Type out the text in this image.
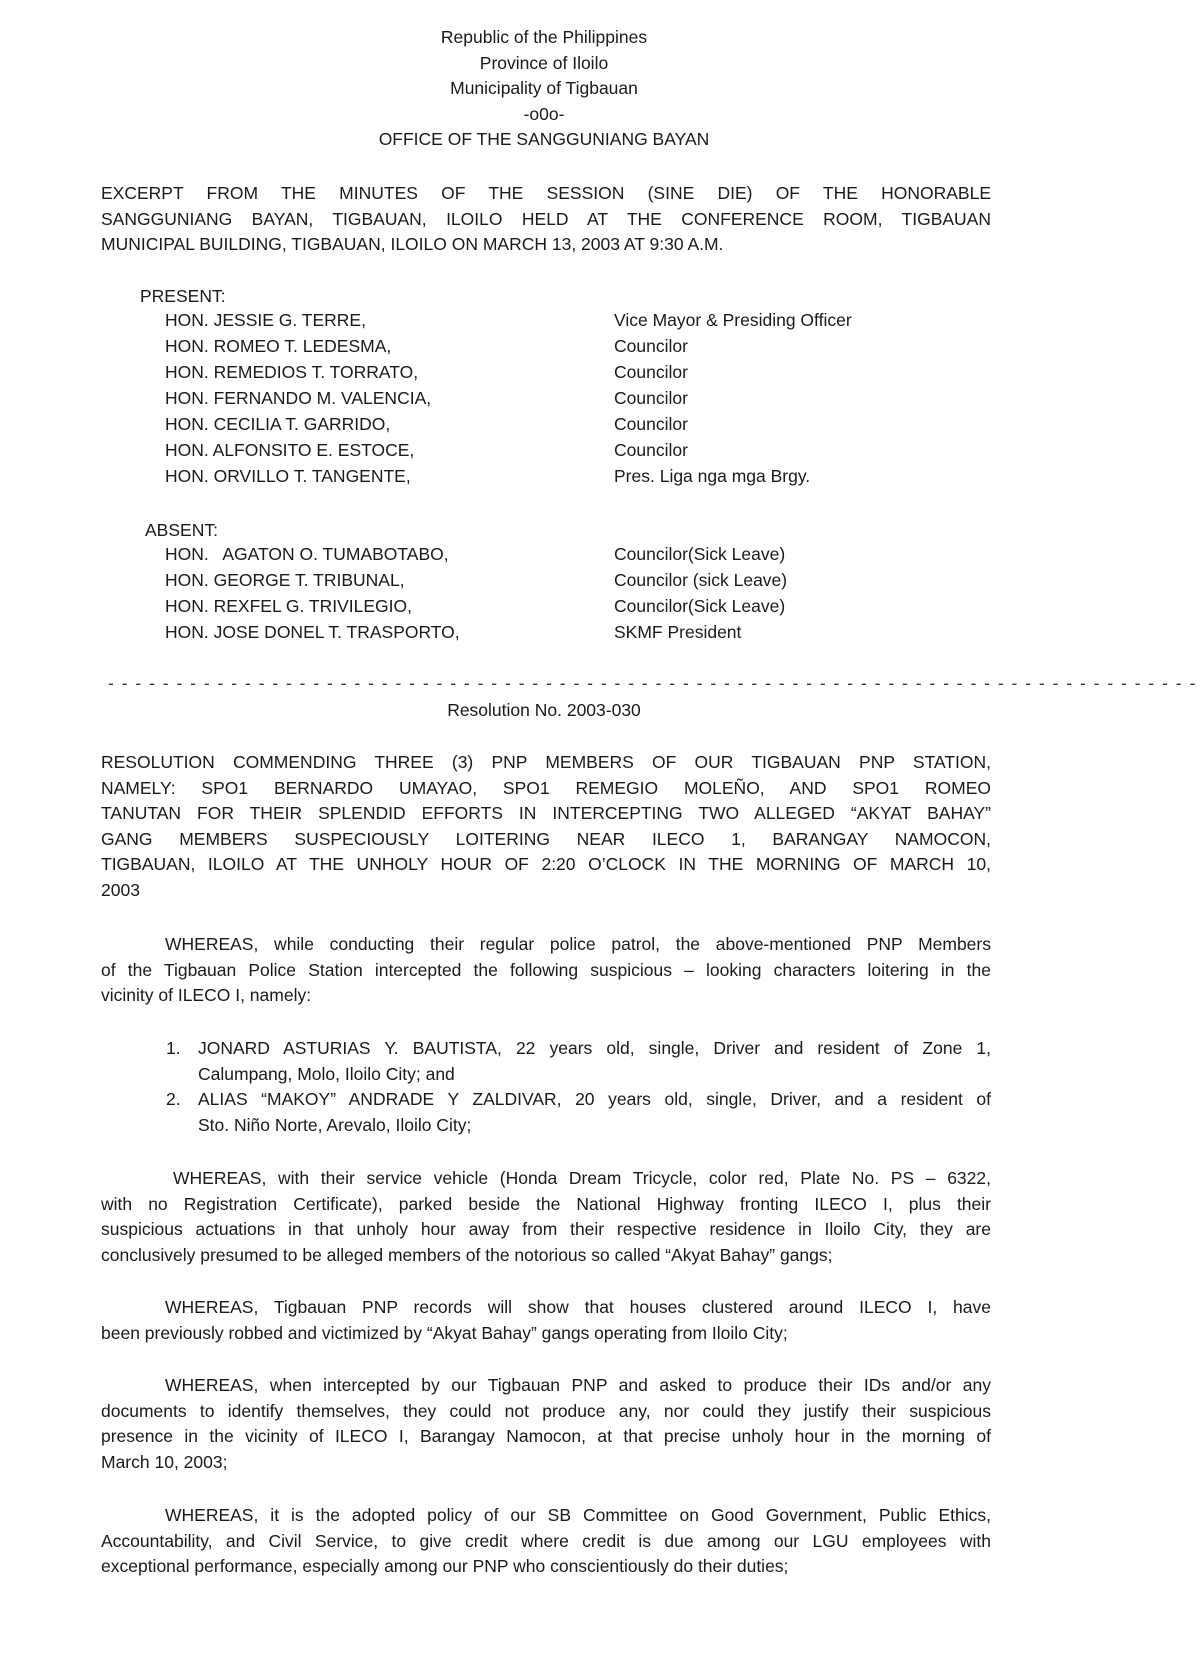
Republic of the Philippines
Province of Iloilo
Municipality of Tigbauan
-o0o-
OFFICE OF THE SANGGUNIANG BAYAN
EXCERPT FROM THE MINUTES OF THE SESSION (SINE DIE) OF THE HONORABLE
SANGGUNIANG BAYAN, TIGBAUAN, ILOILO HELD AT THE CONFERENCE ROOM, TIGBAUAN
MUNICIPAL BUILDING, TIGBAUAN, ILOILO ON MARCH 13, 2003 AT 9:30 A.M.
PRESENT:
HON. JESSIE G. TERRE,	Vice Mayor & Presiding Officer
HON. ROMEO T. LEDESMA,	Councilor
HON. REMEDIOS T. TORRATO,	Councilor
HON. FERNANDO M. VALENCIA,	Councilor
HON. CECILIA T. GARRIDO,	Councilor
HON. ALFONSITO E. ESTOCE,	Councilor
HON. ORVILLO T. TANGENTE,	Pres. Liga nga mga Brgy.
ABSENT:
HON.   AGATON O. TUMABOTABO,	Councilor(Sick Leave)
HON. GEORGE T. TRIBUNAL,	Councilor (sick Leave)
HON. REXFEL G. TRIVILEGIO,	Councilor(Sick Leave)
HON. JOSE DONEL T. TRASPORTO,	SKMF President
- - - - - - - - - - - - - - - - - - - - - - - - - - - - - - - - - - - - - - - - - - - - - - - - - - - - - - - - - - - - - - - - - - - - - - - - - - - - - - - -
Resolution No. 2003-030
RESOLUTION COMMENDING THREE (3) PNP MEMBERS OF OUR TIGBAUAN PNP STATION,
NAMELY: SPO1 BERNARDO UMAYAO, SPO1 REMEGIO MOLEÑO, AND SPO1 ROMEO
TANUTAN FOR THEIR SPLENDID EFFORTS IN INTERCEPTING TWO ALLEGED “AKYAT BAHAY”
GANG MEMBERS SUSPECIOUSLY LOITERING NEAR ILECO 1, BARANGAY NAMOCON,
TIGBAUAN, ILOILO AT THE UNHOLY HOUR OF 2:20 O’CLOCK IN THE MORNING OF MARCH 10,
2003
WHEREAS, while conducting their regular police patrol, the above-mentioned PNP Members
of the Tigbauan Police Station intercepted the following suspicious – looking characters loitering in the
vicinity of ILECO I, namely:
1. JONARD ASTURIAS Y. BAUTISTA, 22 years old, single, Driver and resident of Zone 1,
Calumpang, Molo, Iloilo City; and
2. ALIAS “MAKOY” ANDRADE Y ZALDIVAR, 20 years old, single, Driver, and a resident of
Sto. Niño Norte, Arevalo, Iloilo City;
WHEREAS, with their service vehicle (Honda Dream Tricycle, color red, Plate No. PS – 6322,
with no Registration Certificate), parked beside the National Highway fronting ILECO I, plus their
suspicious actuations in that unholy hour away from their respective residence in Iloilo City, they are
conclusively presumed to be alleged members of the notorious so called “Akyat Bahay” gangs;
WHEREAS, Tigbauan PNP records will show that houses clustered around ILECO I, have
been previously robbed and victimized by “Akyat Bahay” gangs operating from Iloilo City;
WHEREAS, when intercepted by our Tigbauan PNP and asked to produce their IDs and/or any
documents to identify themselves, they could not produce any, nor could they justify their suspicious
presence in the vicinity of ILECO I, Barangay Namocon, at that precise unholy hour in the morning of
March 10, 2003;
WHEREAS, it is the adopted policy of our SB Committee on Good Government, Public Ethics,
Accountability, and Civil Service, to give credit where credit is due among our LGU employees with
exceptional performance, especially among our PNP who conscientiously do their duties;
